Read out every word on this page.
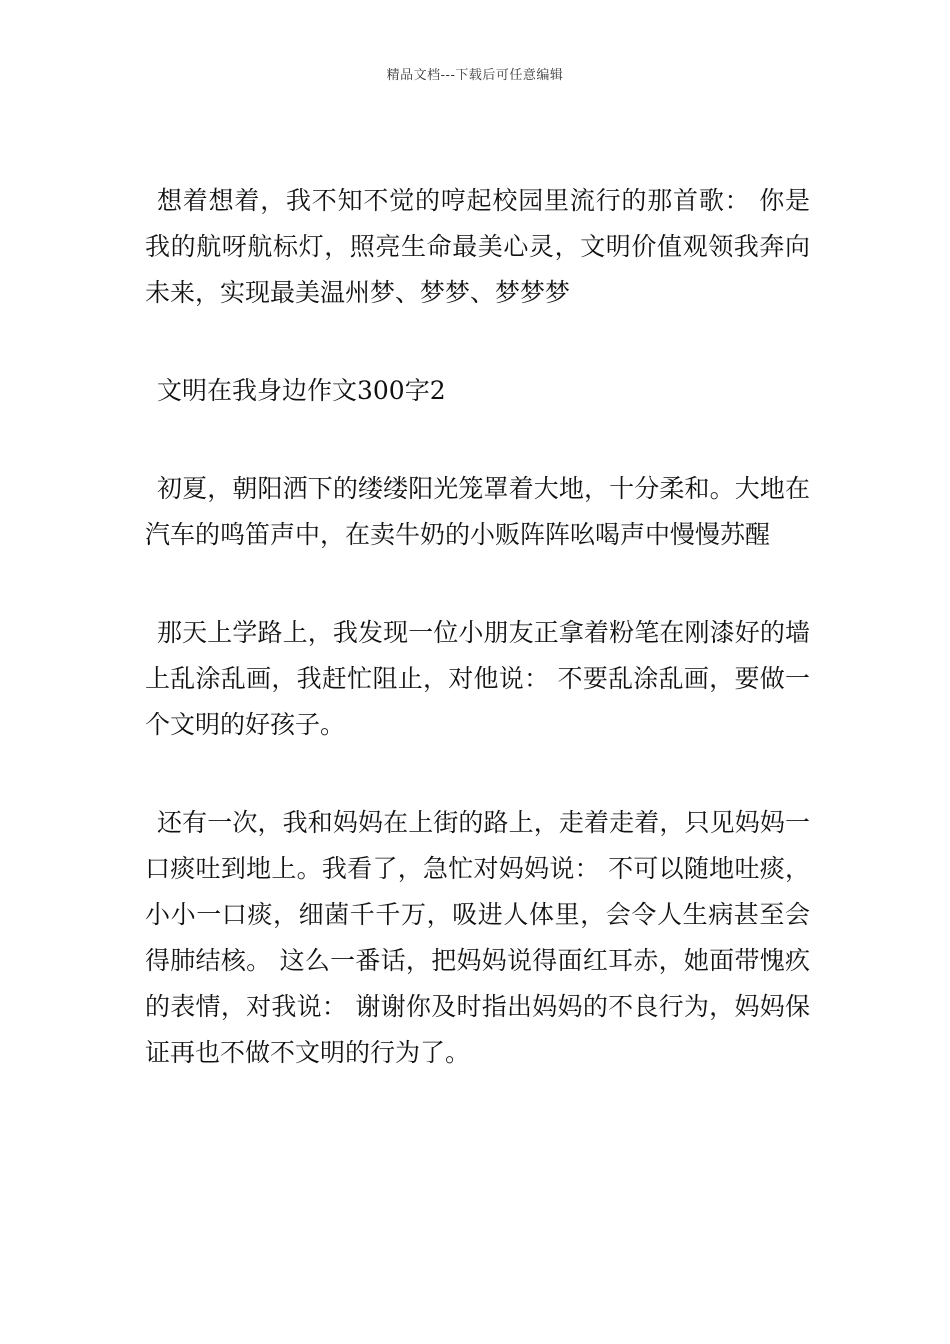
精品文档---下载后可任意编辑

想着想着，我不知不觉的哼起校园里流行的那首歌： 你是我的航呀航标灯，照亮生命最美心灵，文明价值观领我奔向未来，实现最美温州梦、梦梦、梦梦梦

文明在我身边作文300字2

初夏，朝阳洒下的缕缕阳光笼罩着大地，十分柔和。大地在汽车的鸣笛声中，在卖牛奶的小贩阵阵吆喝声中慢慢苏醒

那天上学路上，我发现一位小朋友正拿着粉笔在刚漆好的墙上乱涂乱画，我赶忙阻止，对他说： 不要乱涂乱画，要做一个文明的好孩子。

还有一次，我和妈妈在上街的路上，走着走着，只见妈妈一口痰吐到地上。我看了，急忙对妈妈说： 不可以随地吐痰，小小一口痰，细菌千千万，吸进人体里，会令人生病甚至会得肺结核。 这么一番话，把妈妈说得面红耳赤，她面带愧疚的表情，对我说： 谢谢你及时指出妈妈的不良行为，妈妈保证再也不做不文明的行为了。
